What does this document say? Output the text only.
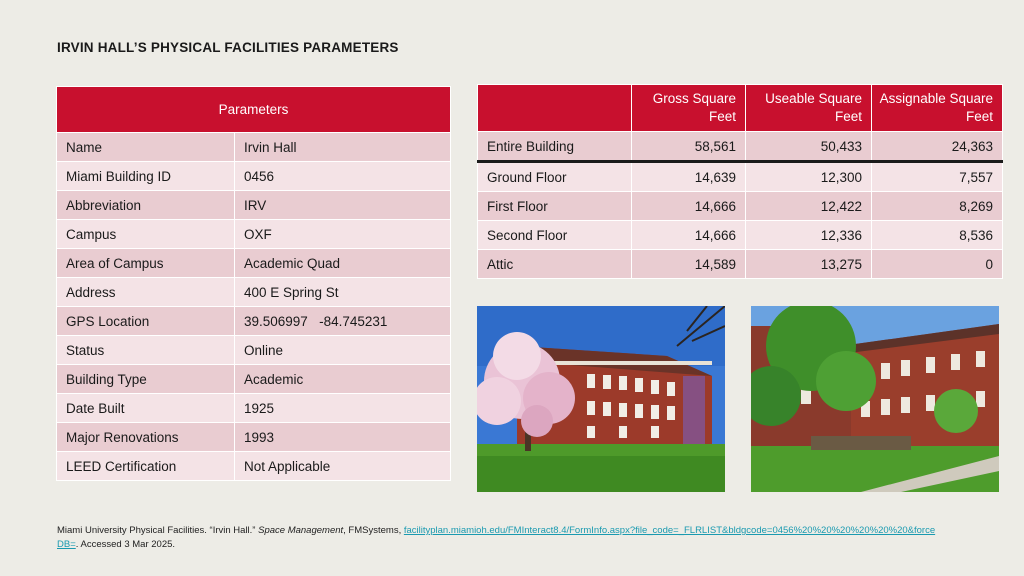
IRVIN HALL’S PHYSICAL FACILITIES PARAMETERS
Parameters	
Name	Irvin Hall
Miami Building ID	0456
Abbreviation	IRV
Campus	OXF
Area of Campus	Academic Quad
Address	400 E Spring St
GPS Location	39.506997   -84.745231
Status	Online
Building Type	Academic
Date Built	1925
Major Renovations	1993
LEED Certification	Not Applicable
	Gross Square Feet	Useable Square Feet	Assignable Square Feet
Entire Building	58,561	50,433	24,363
Ground Floor	14,639	12,300	7,557
First Floor	14,666	12,422	8,269
Second Floor	14,666	12,336	8,536
Attic	14,589	13,275	0
Miami University Physical Facilities. “Irvin Hall.” Space Management, FMSystems, facilityplan.miamioh.edu/FMInteract8.4/FormInfo.aspx?file_code=_FLRLIST&bldgcode=0456%20%20%20%20%20%20&forceDB=. Accessed 3 Mar 2025.
